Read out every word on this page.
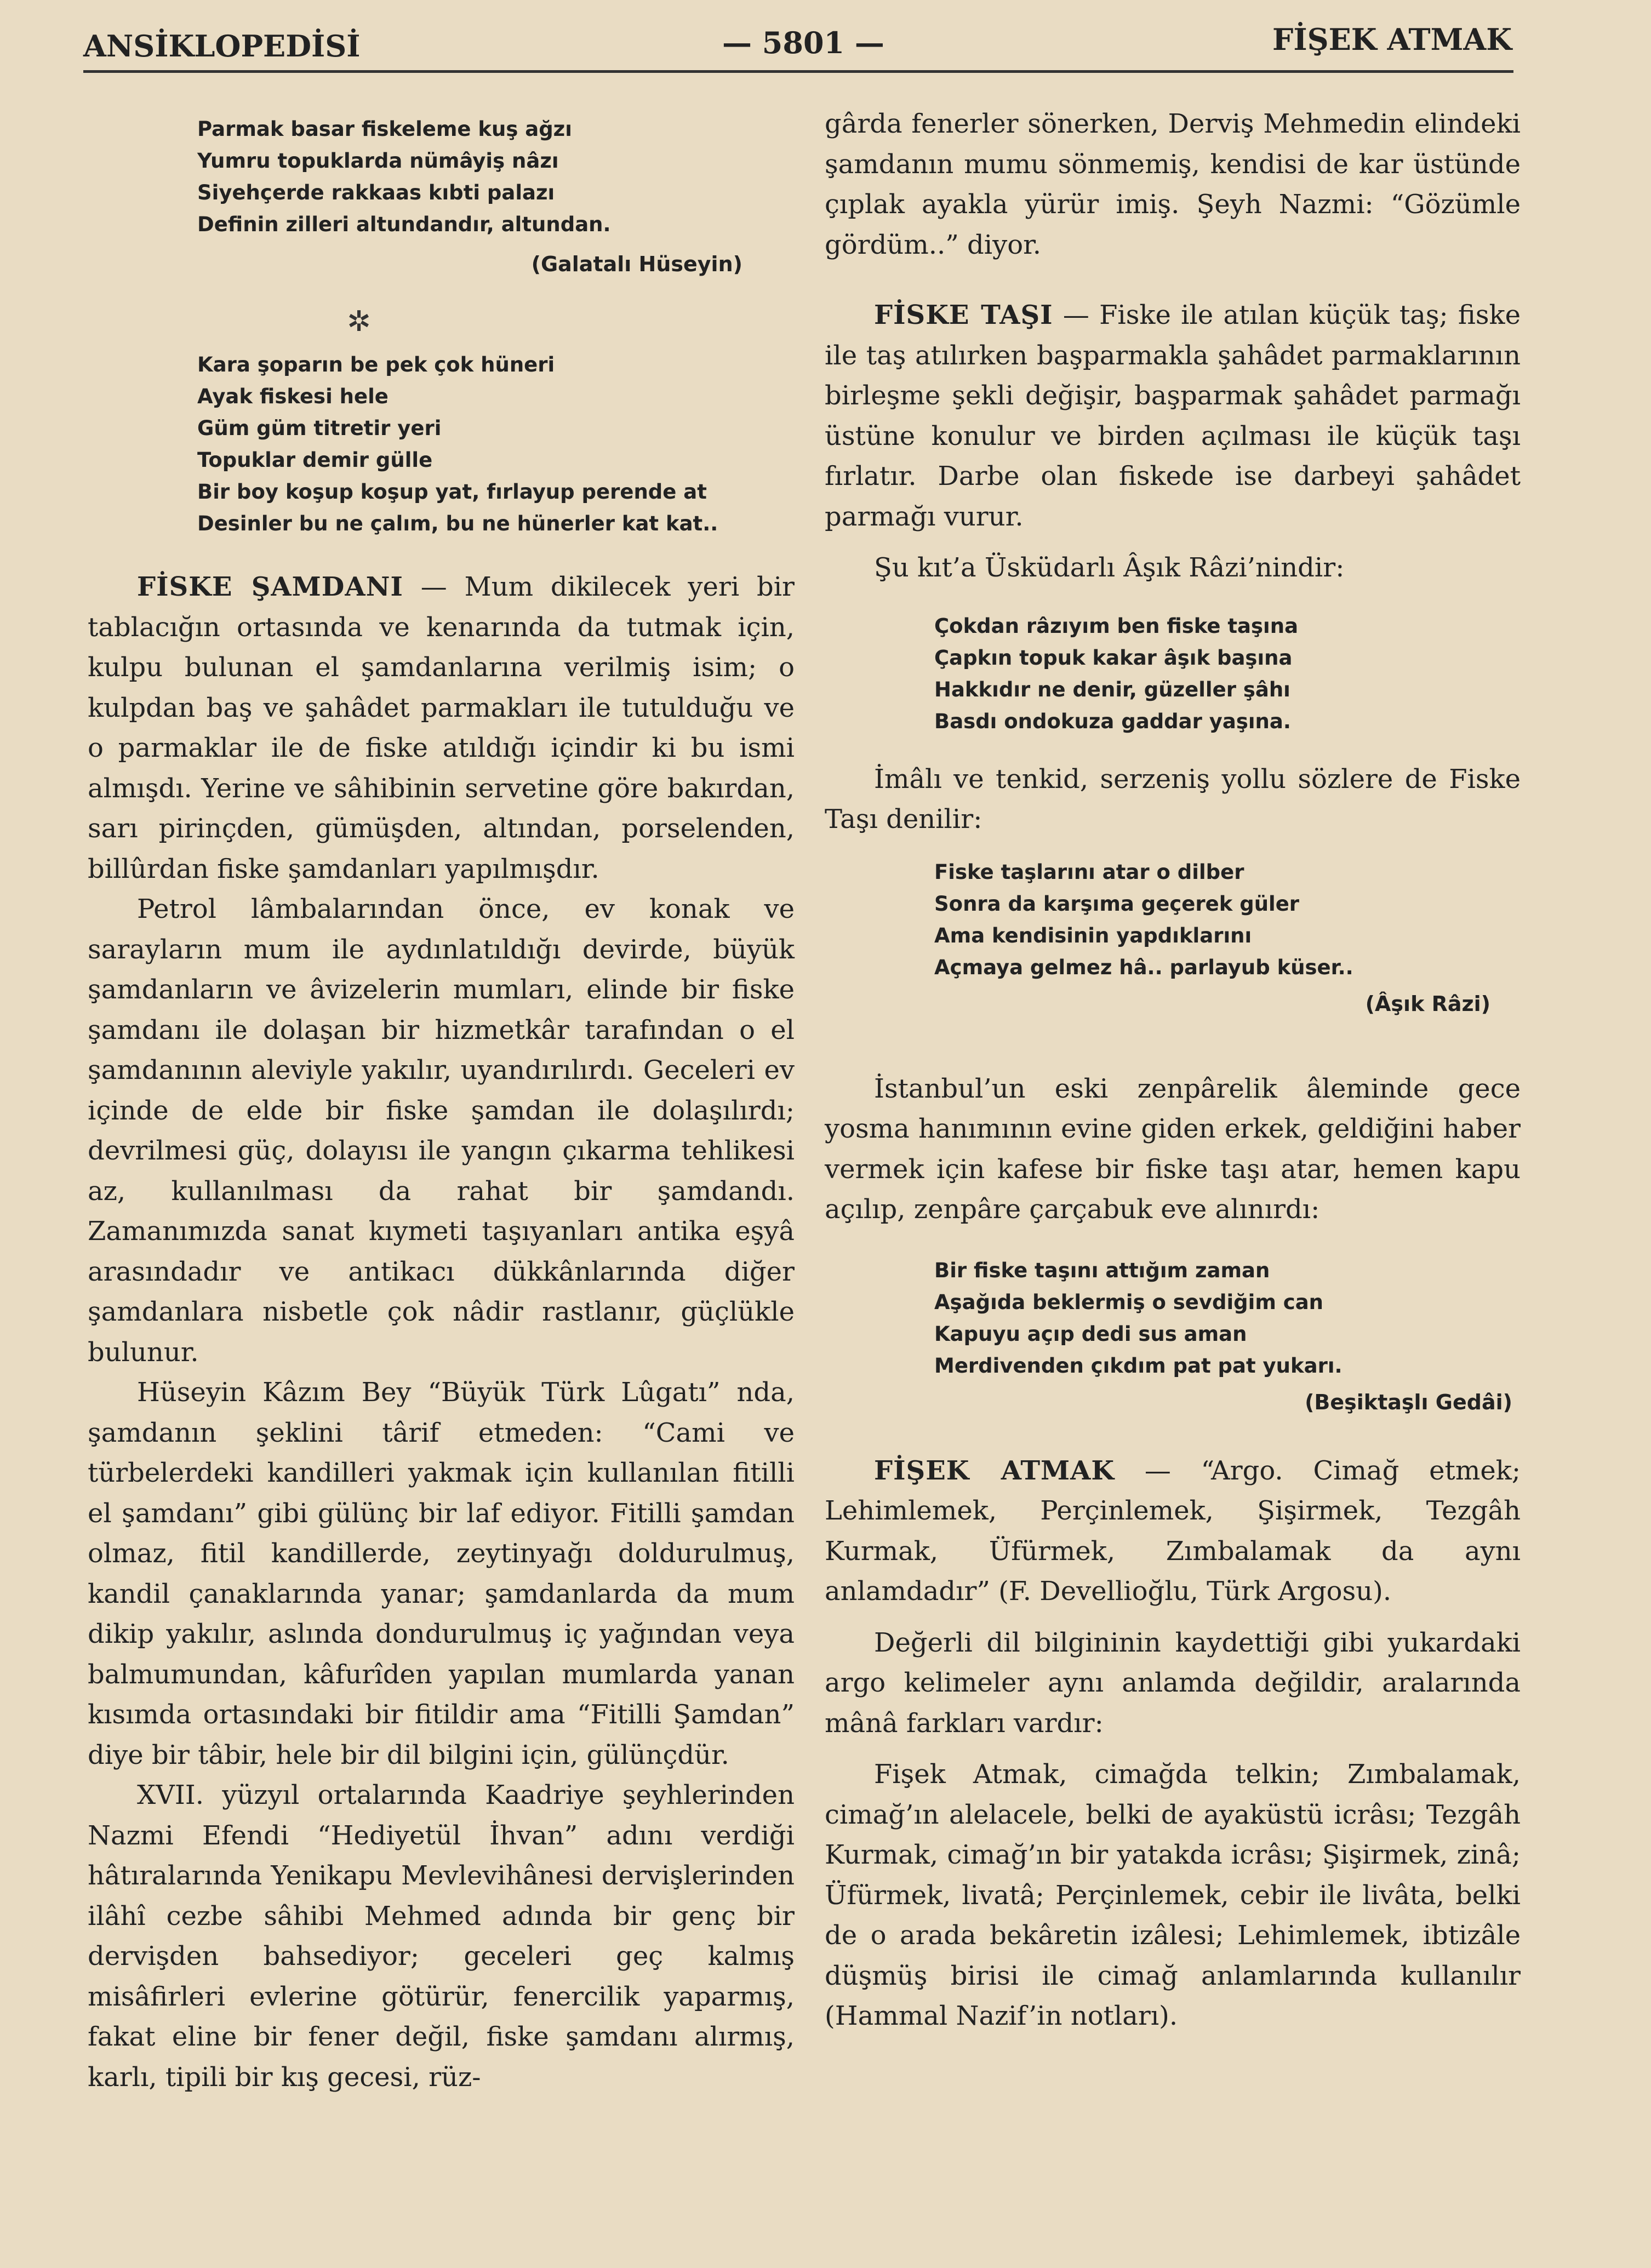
ANSİKLOPEDİSİ	— 5801 —	FİŞEK ATMAK
Parmak basar fiskeleme kuş ağzı
Yumru topuklarda nümâyiş nâzı
Siyehçerde rakkaas kıbti palazı
Definin zilleri altundandır, altundan.
(Galatalı Hüseyin)
✲
Kara şoparın be pek çok hüneri
Ayak fiskesi hele
Güm güm titretir yeri
Topuklar demir gülle
Bir boy koşup koşup yat, fırlayup perende at
Desinler bu ne çalım, bu ne hünerler kat kat..

FİSKE ŞAMDANI — Mum dikilecek yeri bir tablacığın ortasında ve kenarında da tutmak için, kulpu bulunan el şamdanlarına verilmiş isim; o kulpdan baş ve şahâdet parmakları ile tutulduğu ve o parmaklar ile de fiske atıldığı içindir ki bu ismi almışdı. Yerine ve sâhibinin servetine göre bakırdan, sarı pirinçden, gümüşden, altından, porselenden, billûrdan fiske şamdanları yapılmışdır.

Petrol lâmbalarından önce, ev konak ve sarayların mum ile aydınlatıldığı devirde, büyük şamdanların ve âvizelerin mumları, elinde bir fiske şamdanı ile dolaşan bir hizmetkâr tarafından o el şamdanının aleviyle yakılır, uyandırılırdı. Geceleri ev içinde de elde bir fiske şamdan ile dolaşılırdı; devrilmesi güç, dolayısı ile yangın çıkarma tehlikesi az, kullanılması da rahat bir şamdandı. Zamanımızda sanat kıymeti taşıyanları antika eşyâ arasındadır ve antikacı dükkânlarında diğer şamdanlara nisbetle çok nâdir rastlanır, güçlükle bulunur.

Hüseyin Kâzım Bey “Büyük Türk Lûgatı” nda, şamdanın şeklini târif etmeden: “Cami ve türbelerdeki kandilleri yakmak için kullanılan fitilli el şamdanı” gibi gülünç bir laf ediyor. Fitilli şamdan olmaz, fitil kandillerde, zeytinyağı doldurulmuş, kandil çanaklarında yanar; şamdanlarda da mum dikip yakılır, aslında dondurulmuş iç yağından veya balmumundan, kâfurîden yapılan mumlarda yanan kısımda ortasındaki bir fitildir ama “Fitilli Şamdan” diye bir tâbir, hele bir dil bilgini için, gülünçdür.

XVII. yüzyıl ortalarında Kaadriye şeyhlerinden Nazmi Efendi “Hediyetül İhvan” adını verdiği hâtıralarında Yenikapu Mevlevihânesi dervişlerinden ilâhî cezbe sâhibi Mehmed adında bir genç bir dervişden bahsediyor; geceleri geç kalmış misâfirleri evlerine götürür, fenercilik yaparmış, fakat eline bir fener değil, fiske şamdanı alırmış, karlı, tipili bir kış gecesi, rüz-

gârda fenerler sönerken, Derviş Mehmedin elindeki şamdanın mumu sönmemiş, kendisi de kar üstünde çıplak ayakla yürür imiş. Şeyh Nazmi: “Gözümle gördüm..” diyor.

FİSKE TAŞI — Fiske ile atılan küçük taş; fiske ile taş atılırken başparmakla şahâdet parmaklarının birleşme şekli değişir, başparmak şahâdet parmağı üstüne konulur ve birden açılması ile küçük taşı fırlatır. Darbe olan fiskede ise darbeyi şahâdet parmağı vurur.

Şu kıt’a Üsküdarlı Âşık Râzi’nindir:

Çokdan râzıyım ben fiske taşına
Çapkın topuk kakar âşık başına
Hakkıdır ne denir, güzeller şâhı
Basdı ondokuza gaddar yaşına.

İmâlı ve tenkid, serzeniş yollu sözlere de Fiske Taşı denilir:

Fiske taşlarını atar o dilber
Sonra da karşıma geçerek güler
Ama kendisinin yapdıklarını
Açmaya gelmez hâ.. parlayub küser..
(Âşık Râzi)

İstanbul’un eski zenpârelik âleminde gece yosma hanımının evine giden erkek, geldiğini haber vermek için kafese bir fiske taşı atar, hemen kapu açılıp, zenpâre çarçabuk eve alınırdı:

Bir fiske taşını attığım zaman
Aşağıda beklermiş o sevdiğim can
Kapuyu açıp dedi sus aman
Merdivenden çıkdım pat pat yukarı.
(Beşiktaşlı Gedâi)

FİŞEK ATMAK — “Argo. Cimağ etmek; Lehimlemek, Perçinlemek, Şişirmek, Tezgâh Kurmak, Üfürmek, Zımbalamak da aynı anlamdadır” (F. Devellioğlu, Türk Argosu).

Değerli dil bilgininin kaydettiği gibi yukardaki argo kelimeler aynı anlamda değildir, aralarında mânâ farkları vardır:

Fişek Atmak, cimağda telkin; Zımbalamak, cimağ’ın alelacele, belki de ayaküstü icrâsı; Tezgâh Kurmak, cimağ’ın bir yatakda icrâsı; Şişirmek, zinâ; Üfürmek, livatâ; Perçinlemek, cebir ile livâta, belki de o arada bekâretin izâlesi; Lehimlemek, ibtizâle düşmüş birisi ile cimağ anlamlarında kullanılır (Hammal Nazif’in notları).
